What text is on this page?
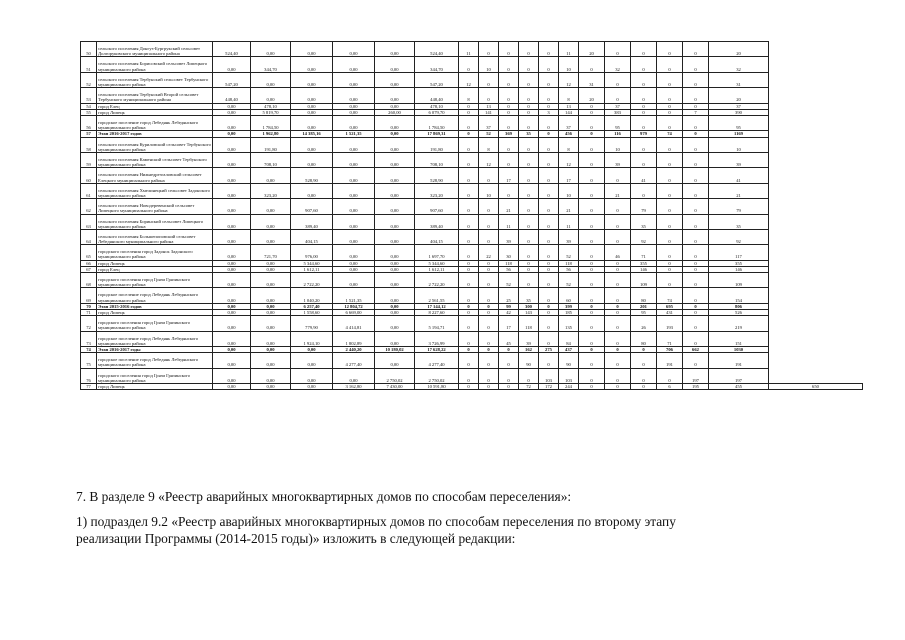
50	сельского поселения Донгуз-Бургрукский сельсовет Долгоруковского муниципального района	524,40	0,00	0,00	0,00	0,00	524,40	11	0	0	0	0	11	20	0	0	0	0	20	
51	сельского поселения Борисовский сельсовет Липецкого муниципального района	0,00	344,70	0,00	0,00	0,00	344,70	0	10	0	0	0	10	0	32	0	0	0	32	
52	сельского поселения Тербунский сельсовет Тербунского муниципального района	547,20	0,00	0,00	0,00	0,00	547,20	12	0	0	0	0	12	31	0	0	0	0	31	
53	сельского поселения Тербунский Второй сельсовет Тербунского муниципального района	448,40	0,00	0,00	0,00	0,00	448,40	8	0	0	0	0	8	20	0	0	0	0	20	
54	город Елец	0,00	478,10	0,00	0,00	0,00	478,10	0	13	0	0	0	13	0	37	0	0	0	37	
55	город Липецк	0,00	5 819,70	0,00	0,00	260,00	6 079,70	0	141	0	0	3	144	0	383	0	0	7	390	
56	городское поселение город Лебедянь Лебедянского муниципального района	0,00	1 784,50	0,00	0,00	0,00	1 784,50	0	37	0	0	0	37	0	95	0	0	0	95	
57	Этап 2016-2017 годов	0,00	1 962,80	14 385,16	1 521,35	0,00	17 869,31	0	52	369	35	0	456	0	116	979	74	0	1169	
58	сельского поселения Куриловский сельсовет Тербунского муниципального района	0,00	191,80	0,00	0,00	0,00	191,80	0	8	0	0	0	8	0	10	0	0	0	10	
59	сельского поселения Каменский сельсовет Тербунского муниципального района	0,00	708,10	0,00	0,00	0,00	708,10	0	12	0	0	0	12	0	39	0	0	0	39	
60	сельского поселения Нижнедрезгаловский сельсовет Елецкого муниципального района	0,00	0,00	528,90	0,00	0,00	528,90	0	0	17	0	0	17	0	0	41	0	0	41	
61	сельского поселения Хмелинецкий сельсовет Задонского муниципального района	0,00	323,20	0,00	0,00	0,00	323,20	0	10	0	0	0	10	0	21	0	0	0	21	
62	сельского поселения Новодеревенский сельсовет Липецкого муниципального района	0,00	0,00	907,60	0,00	0,00	907,60	0	0	21	0	0	21	0	0	79	0	0	79	
63	сельского поселения Боринский сельсовет Липецкого муниципального района	0,00	0,00	389,40	0,00	0,00	389,40	0	0	11	0	0	11	0	0	35	0	0	35	
64	сельского поселения Большепоповский сельсовет Лебедянского муниципального района	0,00	0,00	404,15	0,00	0,00	404,15	0	0	39	0	0	39	0	0	92	0	0	92	
65	городского поселения город Задонск Задонского муниципального района	0,00	721,70	976,00	0,00	0,00	1 697,70	0	22	30	0	0	52	0	46	71	0	0	117	
66	город Липецк	0,00	0,00	5 344,60	0,00	0,00	5 344,60	0	0	118	0	0	118	0	0	355	0	0	355	
67	город Елец	0,00	0,00	1 612,11	0,00	0,00	1 612,11	0	0	56	0	0	56	0	0	146	0	0	146	
68	городского поселения город Грязи Грязинского муниципального района	0,00	0,00	2 722,20	0,00	0,00	2 722,20	0	0	52	0	0	52	0	0	109	0	0	109	
69	городское поселение город Лебедянь Лебедянского муниципального района	0,00	0,00	1 040,20	1 521,35	0,00	2 561,55	0	0	25	35	0	60	0	0	80	74	0	154	
70	Этап 2015-2016 годов	0,00	0,00	6 257,40	12 804,72	0,00	17 144,12	0	0	99	300	0	399	0	0	201	695	0	806	
71	город Липецк	0,00	0,00	1 558,60	6 669,00	0,00	8 227,60	0	0	42	143	0	185	0	0	95	431	0	526	
72	городского поселения город Грязи Грязинского муниципального района	0,00	0,00	779,90	4 414,81	0,00	5 194,71	0	0	17	118	0	135	0	0	26	193	0	219	
73	городское поселение город Лебедянь Лебедянского муниципального района	0,00	0,00	1 924,10	1 802,89	0,00	3 726,99	0	0	45	39	0	84	0	0	80	71	0	151	
74	Этап 2016-2017 годы	0,00	0,00	0,00	2 440,20	10 180,02	17 628,22	0	0	0	162	275	437	0	0	0	706	662	1030	
75	городское поселение город Лебедянь Лебедянского муниципального района	0,00	0,00	0,00	4 277,40	0,00	4 277,40	0	0	0	90	0	90	0	0	0	191	0	191	
76	городского поселения город Грязи Грязинского муниципального района	0,00	0,00	0,00	0,00	2 750,02	2 750,02	0	0	0	0	103	103	0	0	0	0	197	197	
77	город Липецк	0,00	0,00	0,00	3 162,80	7 430,00	10 591,80	0	0	0	72	172	244	0	0	0	6	195	455	650
7. В разделе 9 «Реестр аварийных многоквартирных домов по способам переселения»:
1) подраздел 9.2 «Реестр аварийных многоквартирных домов по способам переселения по второму этапу
реализации Программы (2014-2015 годы)» изложить в следующей редакции:
